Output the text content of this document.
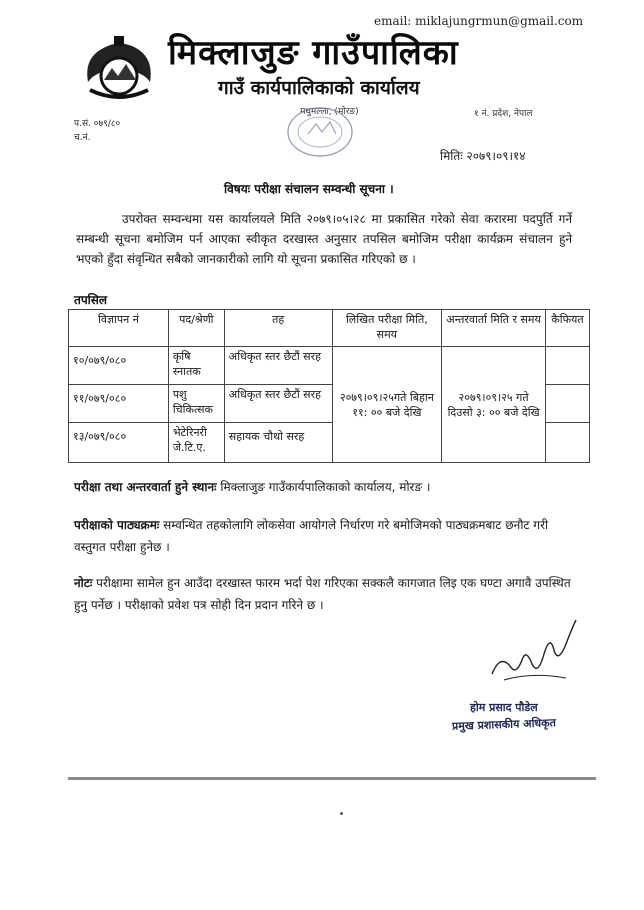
email: miklajungrmun@gmail.com
मिक्लाजुङ गाउँपालिका
गाउँ कार्यपालिकाको कार्यालय
मधुमल्ला, (मोरङ)	१ नं. प्रदेश, नेपाल
प.सं. ०७९/८०
च.नं.
मितिः २०७९।०९।१४
विषयः परीक्षा संचालन सम्वन्धी सूचना ।
उपरोक्त सम्वन्धमा यस कार्यालयले मिति २०७९।०५।२८ मा प्रकासित गरेको सेवा करारमा पदपुर्ति गर्ने सम्बन्धी सूचना बमोजिम पर्न आएका स्वीकृत दरखास्त अनुसार तपसिल बमोजिम परीक्षा कार्यक्रम संचालन हुने भएको हुँदा संवृन्धित सबैको जानकारीको लागि यो सूचना प्रकासित गरिएको छ ।
तपसिल
विज्ञापन नं	पद/श्रेणी	तह	लिखित परीक्षा मिति, समय	अन्तरवार्ता मिति र समय	कैफियत
१०/०७९/०८०	कृषि स्नातक	अधिकृत स्तर छैटौं सरह	२०७९।०९।२५गते बिहान ११: ०० बजे देखि	२०७९।०९।२५ गते दिउसो ३: ०० बजे देखि	
११/०७९/०८०	पशु चिकित्सक	अधिकृत स्तर छैटौं सरह			
१३/०७९/०८०	भेटेरिनरी जे.टि.ए.	सहायक चौथो सरह			
परीक्षा तथा अन्तरवार्ता हुने स्थानः मिक्लाजुङ गाउँकार्यपालिकाको कार्यालय, मोरङ ।
परीक्षाको पाठ्यक्रमः सम्वन्धित तहकोलागि लोकसेवा आयोगले निर्धारण गरे बमोजिमको पाठ्यक्रमबाट छनौट गरी वस्तुगत परीक्षा हुनेछ ।
नोटः परीक्षामा सामेल हुन आउँदा दरखास्त फारम भर्दा पेश गरिएका सक्कलै कागजात लिइ एक घण्टा अगावै उपस्थित हुनु पर्नेछ । परीक्षाको प्रवेश पत्र सोही दिन प्रदान गरिने छ ।
होम प्रसाद पौडेल
प्रमुख प्रशासकीय अधिकृत
